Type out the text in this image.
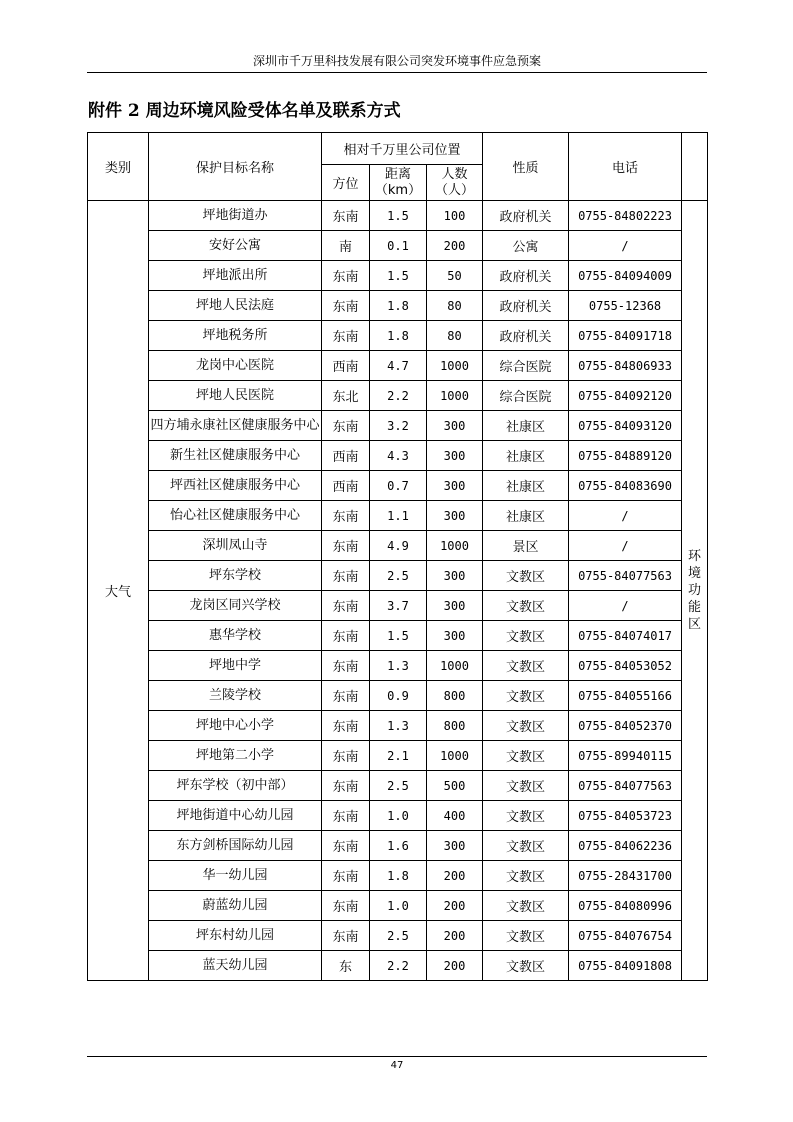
深圳市千万里科技发展有限公司突发环境事件应急预案
附件 2 周边环境风险受体名单及联系方式
类别	保护目标名称	相对千万里公司位置			性质	电话	
		方位	距离（km）	人数（人）			
大气	坪地街道办	东南	1.5	100	政府机关	0755-84802223	环境功能区

	安好公寓	南	0.1	200	公寓	/	
	坪地派出所	东南	1.5	50	政府机关	0755-84094009	
	坪地人民法庭	东南	1.8	80	政府机关	0755-12368	
	坪地税务所	东南	1.8	80	政府机关	0755-84091718	
	龙岗中心医院	西南	4.7	1000	综合医院	0755-84806933	
	坪地人民医院	东北	2.2	1000	综合医院	0755-84092120	
	四方埔永康社区健康服务中心	东南	3.2	300	社康区	0755-84093120	
	新生社区健康服务中心	西南	4.3	300	社康区	0755-84889120	
	坪西社区健康服务中心	西南	0.7	300	社康区	0755-84083690	
	怡心社区健康服务中心	东南	1.1	300	社康区	/	
	深圳凤山寺	东南	4.9	1000	景区	/	
	坪东学校	东南	2.5	300	文教区	0755-84077563	
	龙岗区同兴学校	东南	3.7	300	文教区	/	
	惠华学校	东南	1.5	300	文教区	0755-84074017	
	坪地中学	东南	1.3	1000	文教区	0755-84053052	
	兰陵学校	东南	0.9	800	文教区	0755-84055166	
	坪地中心小学	东南	1.3	800	文教区	0755-84052370	
	坪地第二小学	东南	2.1	1000	文教区	0755-89940115	
	坪东学校（初中部）	东南	2.5	500	文教区	0755-84077563	
	坪地街道中心幼儿园	东南	1.0	400	文教区	0755-84053723	
	东方剑桥国际幼儿园	东南	1.6	300	文教区	0755-84062236	
	华一幼儿园	东南	1.8	200	文教区	0755-28431700	
	蔚蓝幼儿园	东南	1.0	200	文教区	0755-84080996	
	坪东村幼儿园	东南	2.5	200	文教区	0755-84076754	
	蓝天幼儿园	东	2.2	200	文教区	0755-84091808	
47
